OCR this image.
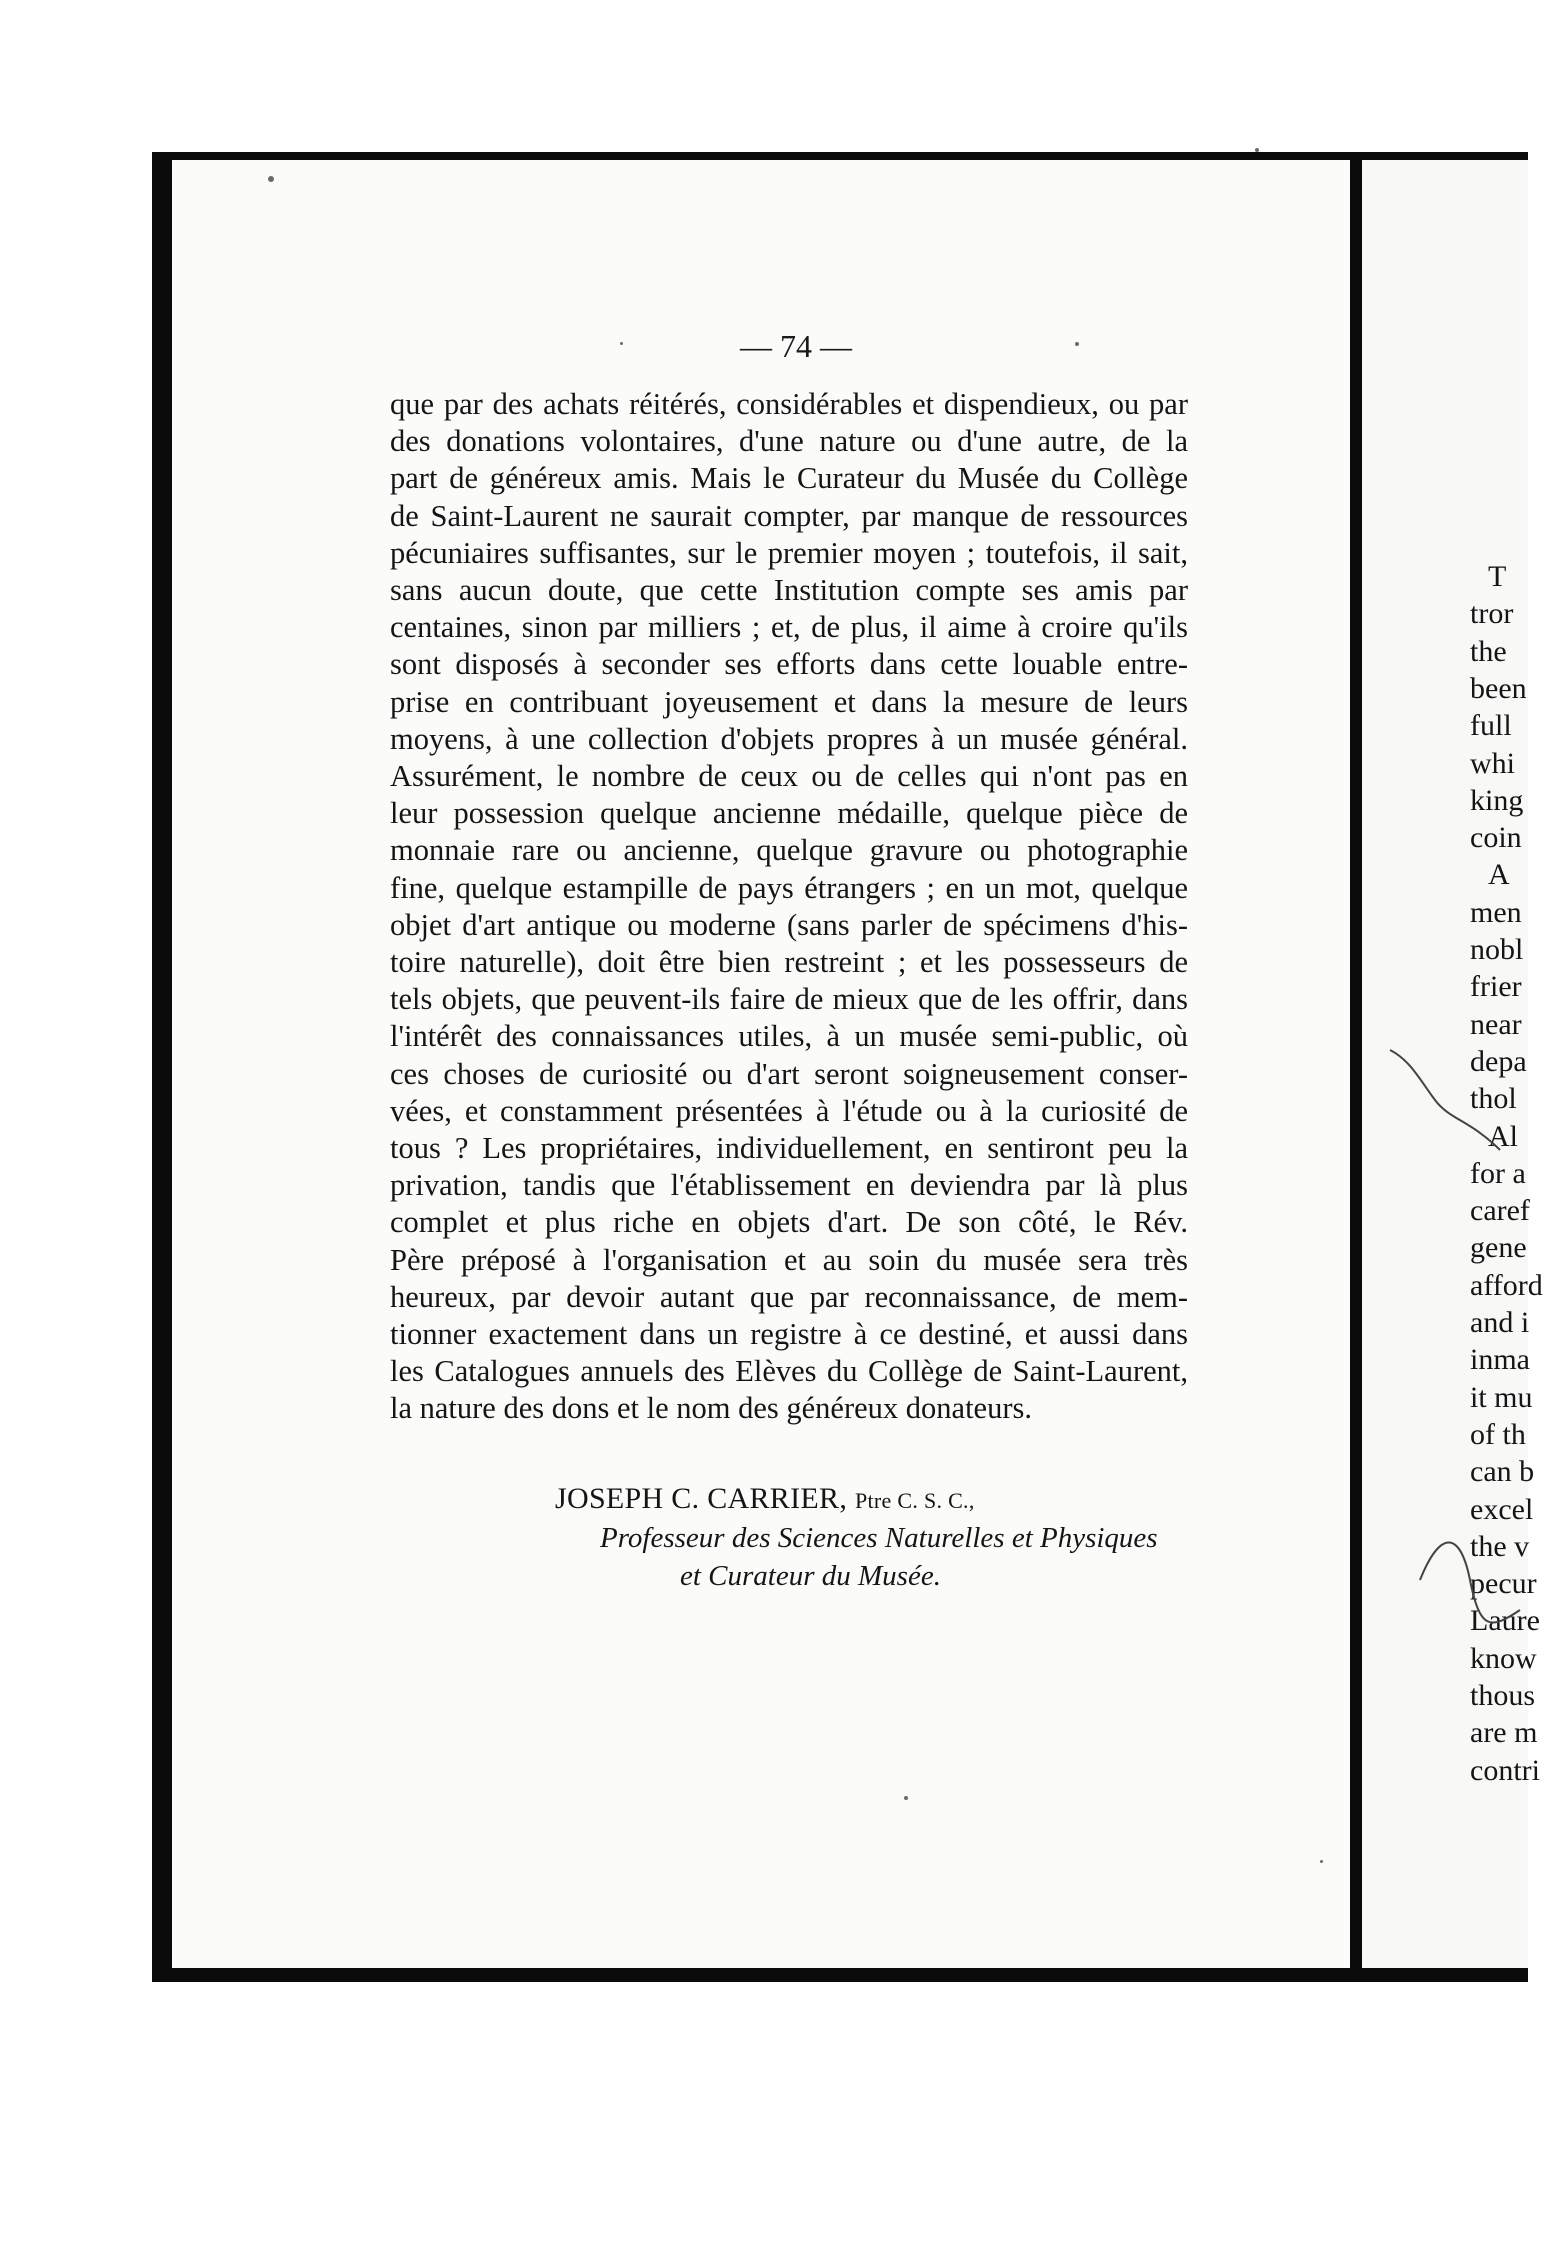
— 74 —
que par des achats réitérés, considérables et dispendieux, ou par
des donations volontaires, d'une nature ou d'une autre, de la
part de généreux amis. Mais le Curateur du Musée du Collège
de Saint-Laurent ne saurait compter, par manque de ressources
pécuniaires suffisantes, sur le premier moyen ; toutefois, il sait,
sans aucun doute, que cette Institution compte ses amis par
centaines, sinon par milliers ; et, de plus, il aime à croire qu'ils
sont disposés à seconder ses efforts dans cette louable entre-
prise en contribuant joyeusement et dans la mesure de leurs
moyens, à une collection d'objets propres à un musée général.
Assurément, le nombre de ceux ou de celles qui n'ont pas en
leur possession quelque ancienne médaille, quelque pièce de
monnaie rare ou ancienne, quelque gravure ou photographie
fine, quelque estampille de pays étrangers ; en un mot, quelque
objet d'art antique ou moderne (sans parler de spécimens d'his-
toire naturelle), doit être bien restreint ; et les possesseurs de
tels objets, que peuvent-ils faire de mieux que de les offrir, dans
l'intérêt des connaissances utiles, à un musée semi-public, où
ces choses de curiosité ou d'art seront soigneusement conser-
vées, et constamment présentées à l'étude ou à la curiosité de
tous ? Les propriétaires, individuellement, en sentiront peu la
privation, tandis que l'établissement en deviendra par là plus
complet et plus riche en objets d'art. De son côté, le Rév.
Père préposé à l'organisation et au soin du musée sera très
heureux, par devoir autant que par reconnaissance, de mem-
tionner exactement dans un registre à ce destiné, et aussi dans
les Catalogues annuels des Elèves du Collège de Saint-Laurent,
la nature des dons et le nom des généreux donateurs.
JOSEPH C. CARRIER, Ptre C. S. C.,
Professeur des Sciences Naturelles et Physiques
et Curateur du Musée.
T
tror
the
been
full
whi
king
coin
A
men
nobl
frier
near
depa
thol
Al
for a
caref
gene
afford
and i
inma
it mu
of th
can b
excel
the v
pecur
Laure
know
thous
are m
contri
